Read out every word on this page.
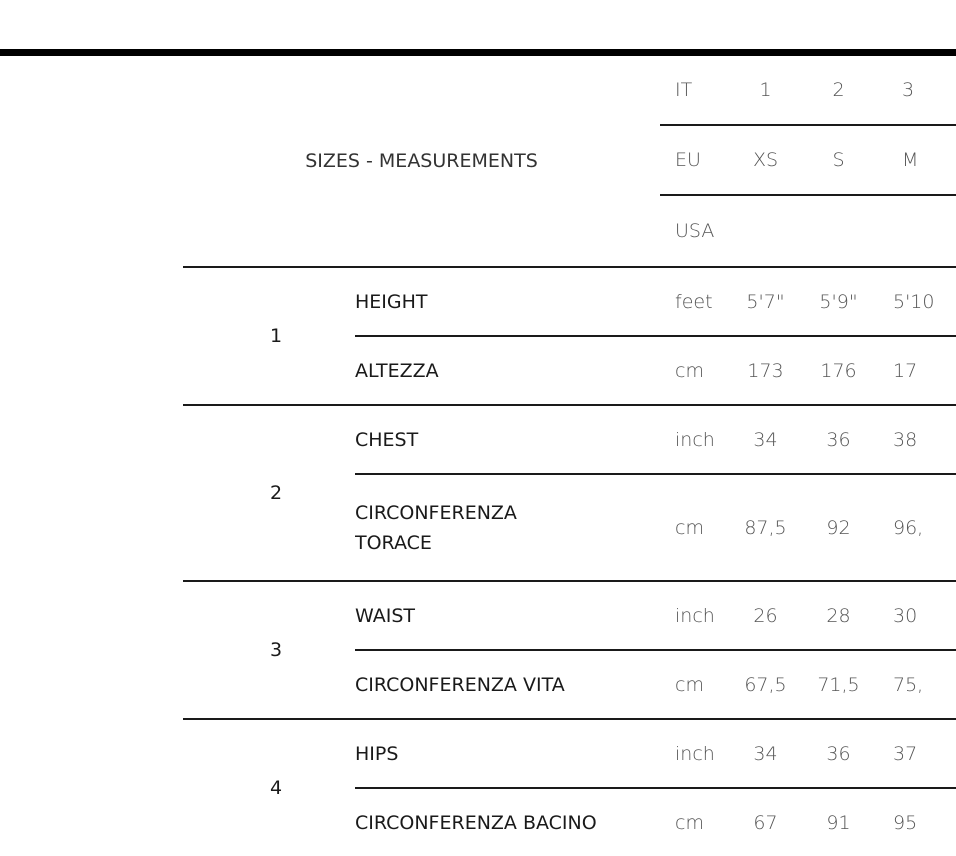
SIZES - MEASUREMENTS		IT	1	2	3
		EU	XS	S	M
		USA			
1	HEIGHT	feet	5'7"	5'9"	5'10
	ALTEZZA	cm	173	176	17
2	CHEST	inch	34	36	38
	CIRCONFERENZA TORACE	cm	87,5	92	96,
3	WAIST	inch	26	28	30
	CIRCONFERENZA VITA	cm	67,5	71,5	75,
4	HIPS	inch	34	36	37
	CIRCONFERENZA BACINO	cm	67	91	95
